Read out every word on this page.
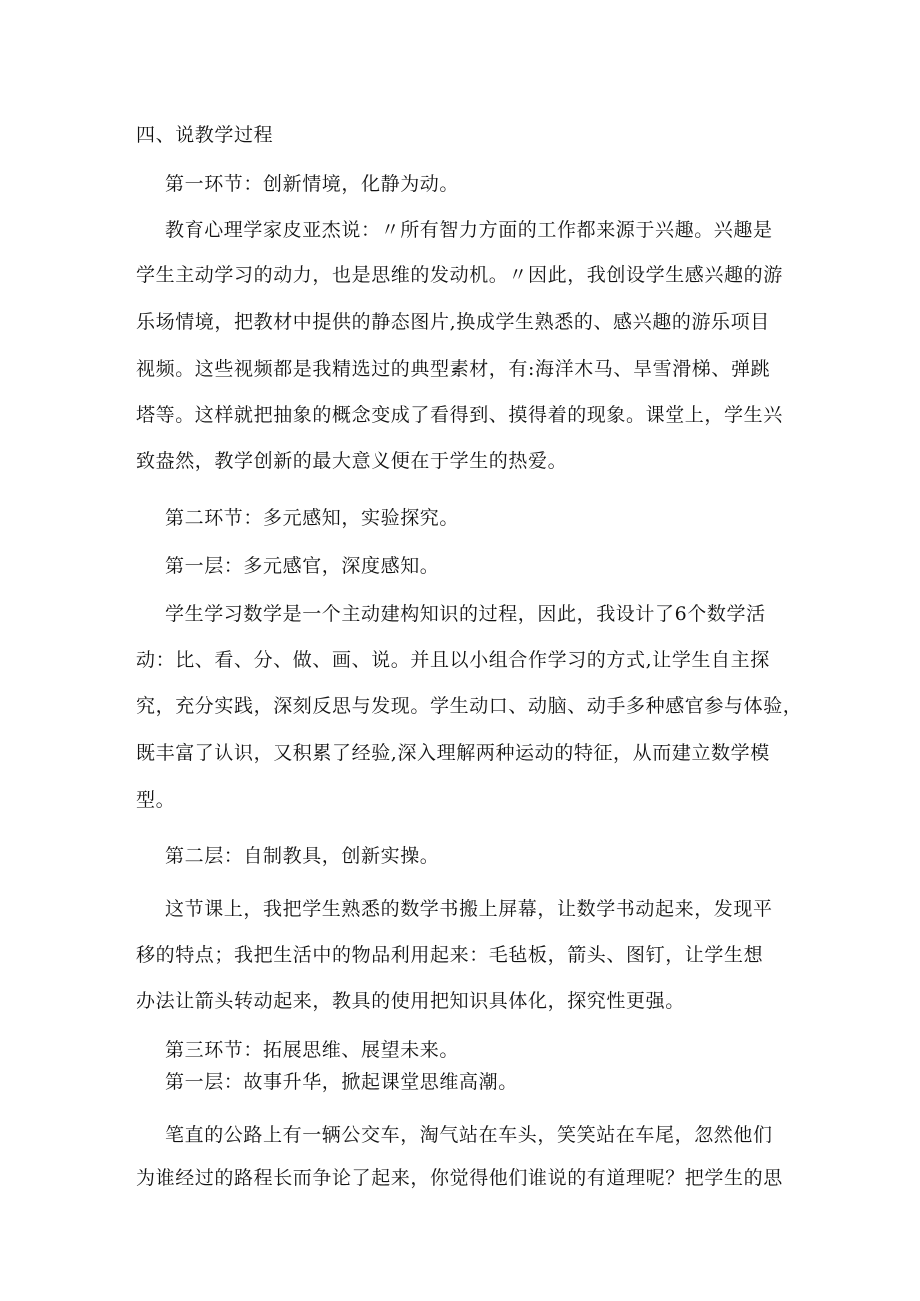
四、说教学过程
第一环节：创新情境，化静为动。
教育心理学家皮亚杰说：〃所有智力方面的工作都来源于兴趣。兴趣是
学生主动学习的动力，也是思维的发动机。〃因此，我创设学生感兴趣的游
乐场情境，把教材中提供的静态图片,换成学生熟悉的、感兴趣的游乐项目
视频。这些视频都是我精选过的典型素材，有:海洋木马、旱雪滑梯、弹跳
塔等。这样就把抽象的概念变成了看得到、摸得着的现象。课堂上，学生兴
致盎然，教学创新的最大意义便在于学生的热爱。
第二环节：多元感知，实验探究。
第一层：多元感官，深度感知。
学生学习数学是一个主动建构知识的过程，因此，我设计了6个数学活
动：比、看、分、做、画、说。并且以小组合作学习的方式,让学生自主探
究，充分实践，深刻反思与发现。学生动口、动脑、动手多种感官参与体验，
既丰富了认识，又积累了经验,深入理解两种运动的特征，从而建立数学模
型。
第二层：自制教具，创新实操。
这节课上，我把学生熟悉的数学书搬上屏幕，让数学书动起来，发现平
移的特点；我把生活中的物品利用起来：毛毡板，箭头、图钉，让学生想
办法让箭头转动起来，教具的使用把知识具体化，探究性更强。
第三环节：拓展思维、展望未来。
第一层：故事升华，掀起课堂思维高潮。
笔直的公路上有一辆公交车，淘气站在车头，笑笑站在车尾，忽然他们
为谁经过的路程长而争论了起来，你觉得他们谁说的有道理呢？把学生的思
